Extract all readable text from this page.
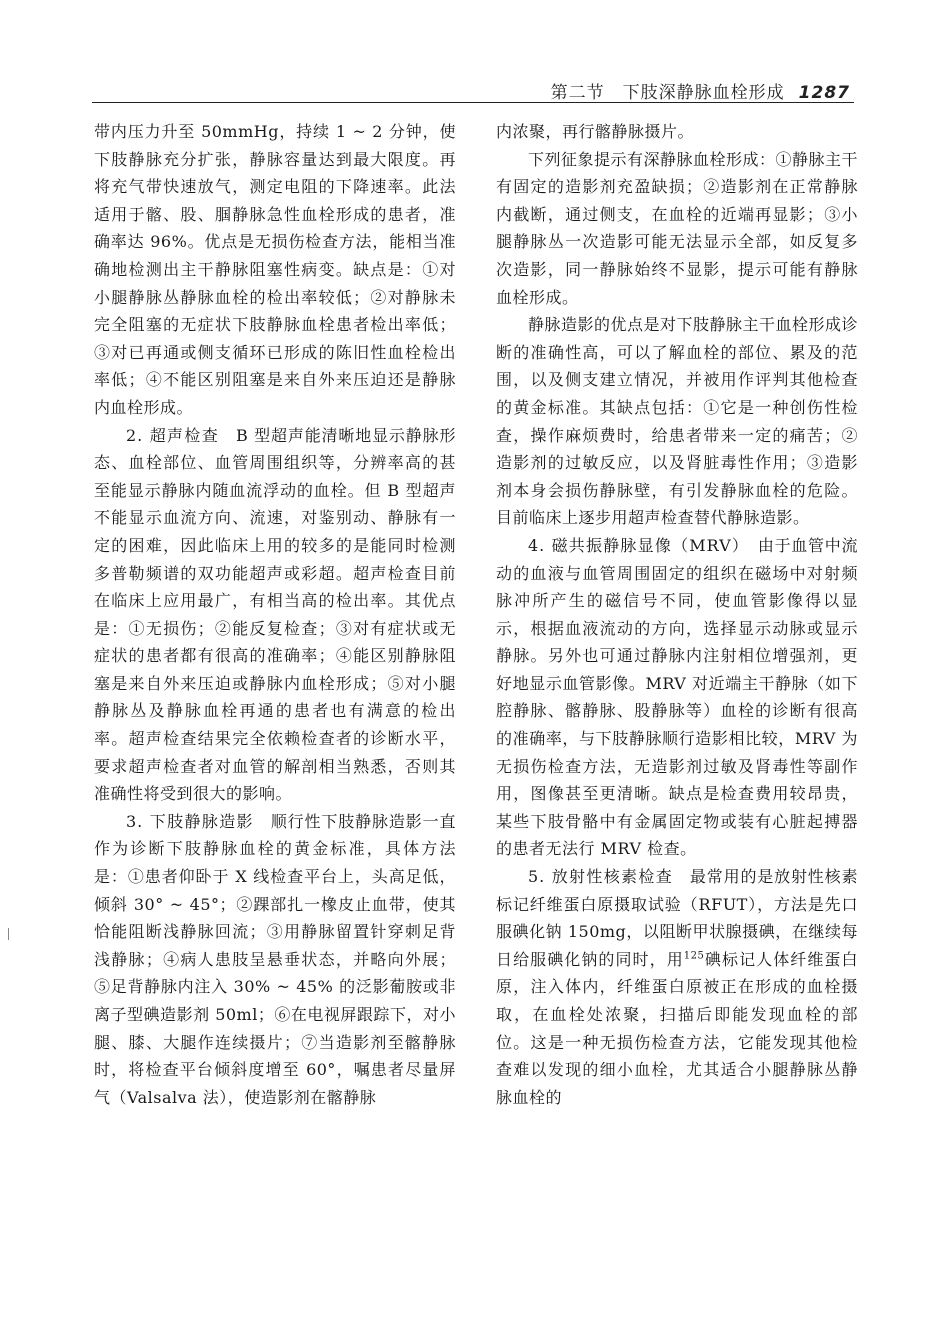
第二节　下肢深静脉血栓形成 1287

带内压力升至 50mmHg，持续 1 ~ 2 分钟，使下肢静脉充分扩张，静脉容量达到最大限度。再将充气带快速放气，测定电阻的下降速率。此法适用于髂、股、腘静脉急性血栓形成的患者，准确率达 96%。优点是无损伤检查方法，能相当准确地检测出主干静脉阻塞性病变。缺点是：①对小腿静脉丛静脉血栓的检出率较低；②对静脉未完全阻塞的无症状下肢静脉血栓患者检出率低；③对已再通或侧支循环已形成的陈旧性血栓检出率低；④不能区别阻塞是来自外来压迫还是静脉内血栓形成。

2. 超声检查　 B 型超声能清晰地显示静脉形态、血栓部位、血管周围组织等，分辨率高的甚至能显示静脉内随血流浮动的血栓。但 B 型超声不能显示血流方向、流速，对鉴别动、静脉有一定的困难，因此临床上用的较多的是能同时检测多普勒频谱的双功能超声或彩超。超声检查目前在临床上应用最广，有相当高的检出率。其优点是：①无损伤；②能反复检查；③对有症状或无症状的患者都有很高的准确率；④能区别静脉阻塞是来自外来压迫或静脉内血栓形成；⑤对小腿静脉丛及静脉血栓再通的患者也有满意的检出率。超声检查结果完全依赖检查者的诊断水平，要求超声检查者对血管的解剖相当熟悉，否则其准确性将受到很大的影响。

3. 下肢静脉造影　 顺行性下肢静脉造影一直作为诊断下肢静脉血栓的黄金标准，具体方法是：①患者仰卧于 X 线检查平台上，头高足低，倾斜 30° ~ 45°；②踝部扎一橡皮止血带，使其恰能阻断浅静脉回流；③用静脉留置针穿刺足背浅静脉；④病人患肢呈悬垂状态，并略向外展；⑤足背静脉内注入 30% ~ 45% 的泛影葡胺或非离子型碘造影剂 50ml；⑥在电视屏跟踪下，对小腿、膝、大腿作连续摄片；⑦当造影剂至髂静脉时，将检查平台倾斜度增至 60°，嘱患者尽量屏气（Valsalva 法），使造影剂在髂静脉

内浓聚，再行髂静脉摄片。

下列征象提示有深静脉血栓形成：①静脉主干有固定的造影剂充盈缺损；②造影剂在正常静脉内截断，通过侧支，在血栓的近端再显影；③小腿静脉丛一次造影可能无法显示全部，如反复多次造影，同一静脉始终不显影，提示可能有静脉血栓形成。

静脉造影的优点是对下肢静脉主干血栓形成诊断的准确性高，可以了解血栓的部位、累及的范围，以及侧支建立情况，并被用作评判其他检查的黄金标准。其缺点包括：①它是一种创伤性检查，操作麻烦费时，给患者带来一定的痛苦；②造影剂的过敏反应，以及肾脏毒性作用；③造影剂本身会损伤静脉壁，有引发静脉血栓的危险。目前临床上逐步用超声检查替代静脉造影。

4. 磁共振静脉显像（MRV）　 由于血管中流动的血液与血管周围固定的组织在磁场中对射频脉冲所产生的磁信号不同，使血管影像得以显示，根据血液流动的方向，选择显示动脉或显示静脉。另外也可通过静脉内注射相位增强剂，更好地显示血管影像。MRV 对近端主干静脉（如下腔静脉、髂静脉、股静脉等）血栓的诊断有很高的准确率，与下肢静脉顺行造影相比较，MRV 为无损伤检查方法，无造影剂过敏及肾毒性等副作用，图像甚至更清晰。缺点是检查费用较昂贵，某些下肢骨骼中有金属固定物或装有心脏起搏器的患者无法行 MRV 检查。

5. 放射性核素检查　 最常用的是放射性核素标记纤维蛋白原摄取试验（RFUT），方法是先口服碘化钠 150mg，以阻断甲状腺摄碘，在继续每日给服碘化钠的同时，用$^{125}$碘标记人体纤维蛋白原，注入体内，纤维蛋白原被正在形成的血栓摄取，在血栓处浓聚，扫描后即能发现血栓的部位。这是一种无损伤检查方法，它能发现其他检查难以发现的细小血栓，尤其适合小腿静脉丛静脉血栓的
